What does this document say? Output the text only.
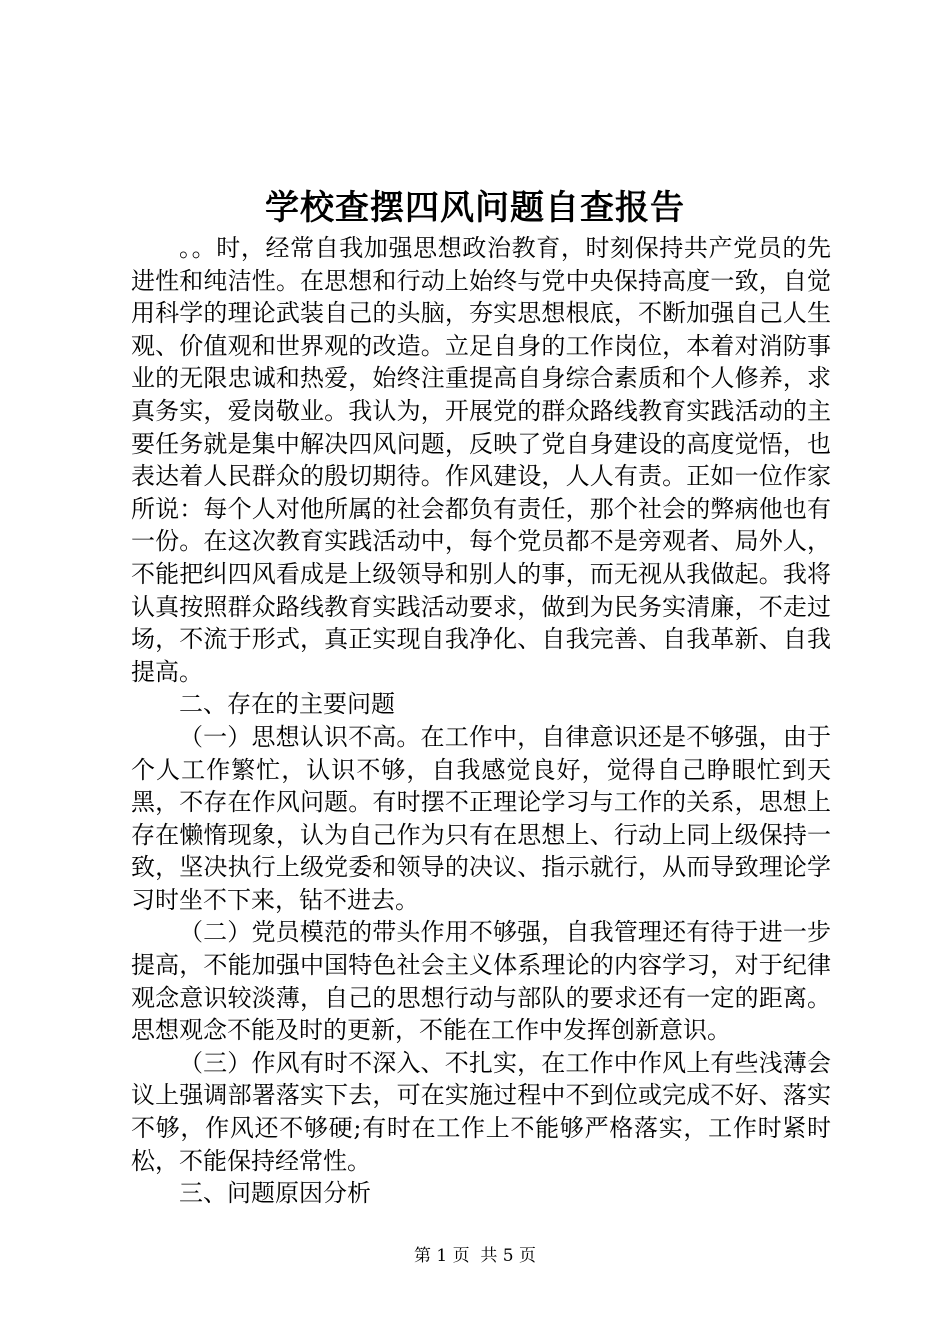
学校查摆四风问题自查报告

。。时，经常自我加强思想政治教育，时刻保持共产党员的先进性和纯洁性。在思想和行动上始终与党中央保持高度一致，自觉用科学的理论武装自己的头脑，夯实思想根底，不断加强自己人生观、价值观和世界观的改造。立足自身的工作岗位，本着对消防事业的无限忠诚和热爱，始终注重提高自身综合素质和个人修养，求真务实，爱岗敬业。我认为，开展党的群众路线教育实践活动的主要任务就是集中解决四风问题，反映了党自身建设的高度觉悟，也表达着人民群众的殷切期待。作风建设，人人有责。正如一位作家所说：每个人对他所属的社会都负有责任，那个社会的弊病他也有一份。在这次教育实践活动中，每个党员都不是旁观者、局外人，不能把纠四风看成是上级领导和别人的事，而无视从我做起。我将认真按照群众路线教育实践活动要求，做到为民务实清廉，不走过场，不流于形式，真正实现自我净化、自我完善、自我革新、自我提高。

二、存在的主要问题

（一）思想认识不高。在工作中，自律意识还是不够强，由于个人工作繁忙，认识不够，自我感觉良好，觉得自己睁眼忙到天黑，不存在作风问题。有时摆不正理论学习与工作的关系，思想上存在懒惰现象，认为自己作为只有在思想上、行动上同上级保持一致，坚决执行上级党委和领导的决议、指示就行，从而导致理论学习时坐不下来，钻不进去。

（二）党员模范的带头作用不够强，自我管理还有待于进一步提高，不能加强中国特色社会主义体系理论的内容学习，对于纪律观念意识较淡薄，自己的思想行动与部队的要求还有一定的距离。思想观念不能及时的更新，不能在工作中发挥创新意识。

（三）作风有时不深入、不扎实，在工作中作风上有些浅薄会议上强调部署落实下去，可在实施过程中不到位或完成不好、落实不够，作风还不够硬;有时在工作上不能够严格落实，工作时紧时松，不能保持经常性。

三、问题原因分析

第 1 页  共 5 页
